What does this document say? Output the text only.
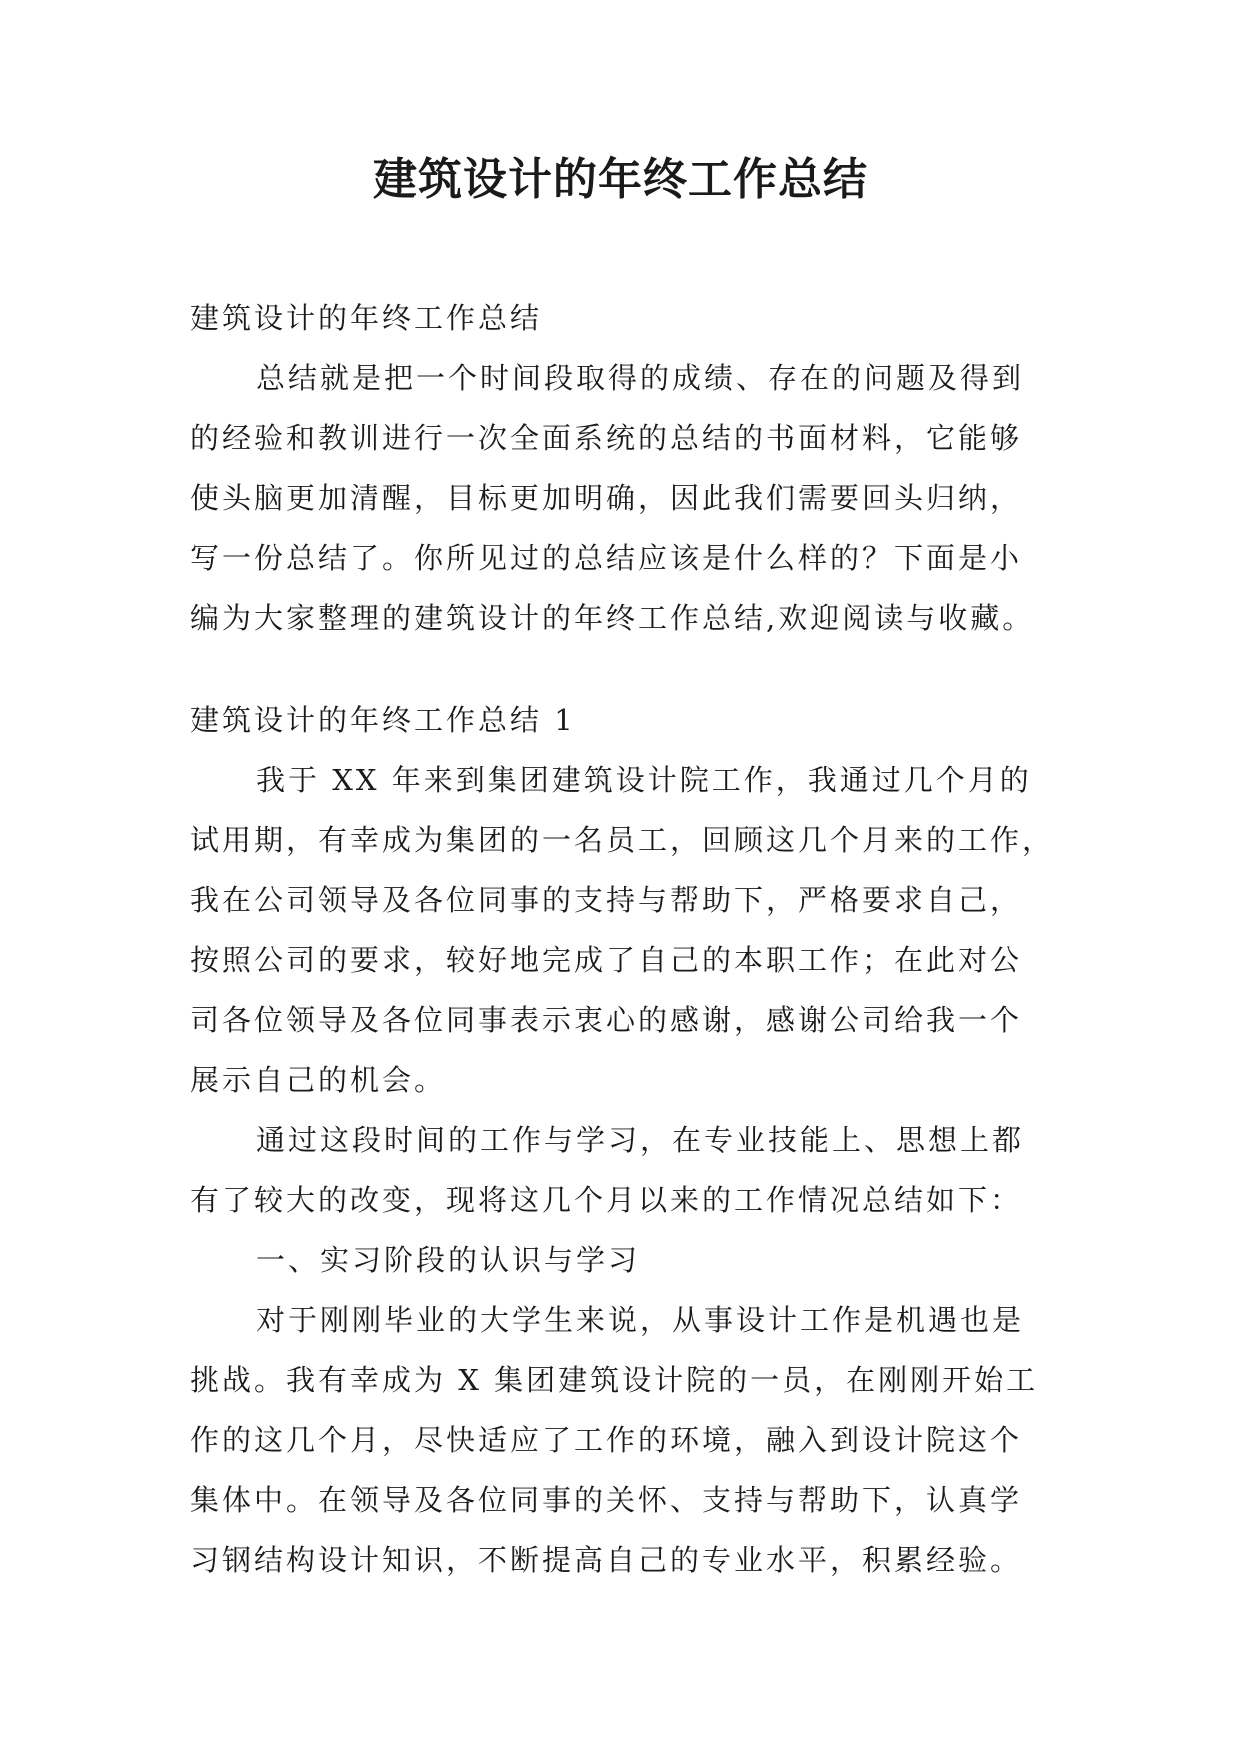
建筑设计的年终工作总结
建筑设计的年终工作总结
总结就是把一个时间段取得的成绩、存在的问题及得到
的经验和教训进行一次全面系统的总结的书面材料，它能够
使头脑更加清醒，目标更加明确，因此我们需要回头归纳，
写一份总结了。你所见过的总结应该是什么样的？下面是小
编为大家整理的建筑设计的年终工作总结,欢迎阅读与收藏。
建筑设计的年终工作总结 1
我于 XX 年来到集团建筑设计院工作，我通过几个月的
试用期，有幸成为集团的一名员工，回顾这几个月来的工作，
我在公司领导及各位同事的支持与帮助下，严格要求自己，
按照公司的要求，较好地完成了自己的本职工作；在此对公
司各位领导及各位同事表示衷心的感谢，感谢公司给我一个
展示自己的机会。
通过这段时间的工作与学习，在专业技能上、思想上都
有了较大的改变，现将这几个月以来的工作情况总结如下：
一、实习阶段的认识与学习
对于刚刚毕业的大学生来说，从事设计工作是机遇也是
挑战。我有幸成为 X 集团建筑设计院的一员，在刚刚开始工
作的这几个月，尽快适应了工作的环境，融入到设计院这个
集体中。在领导及各位同事的关怀、支持与帮助下，认真学
习钢结构设计知识，不断提高自己的专业水平，积累经验。
